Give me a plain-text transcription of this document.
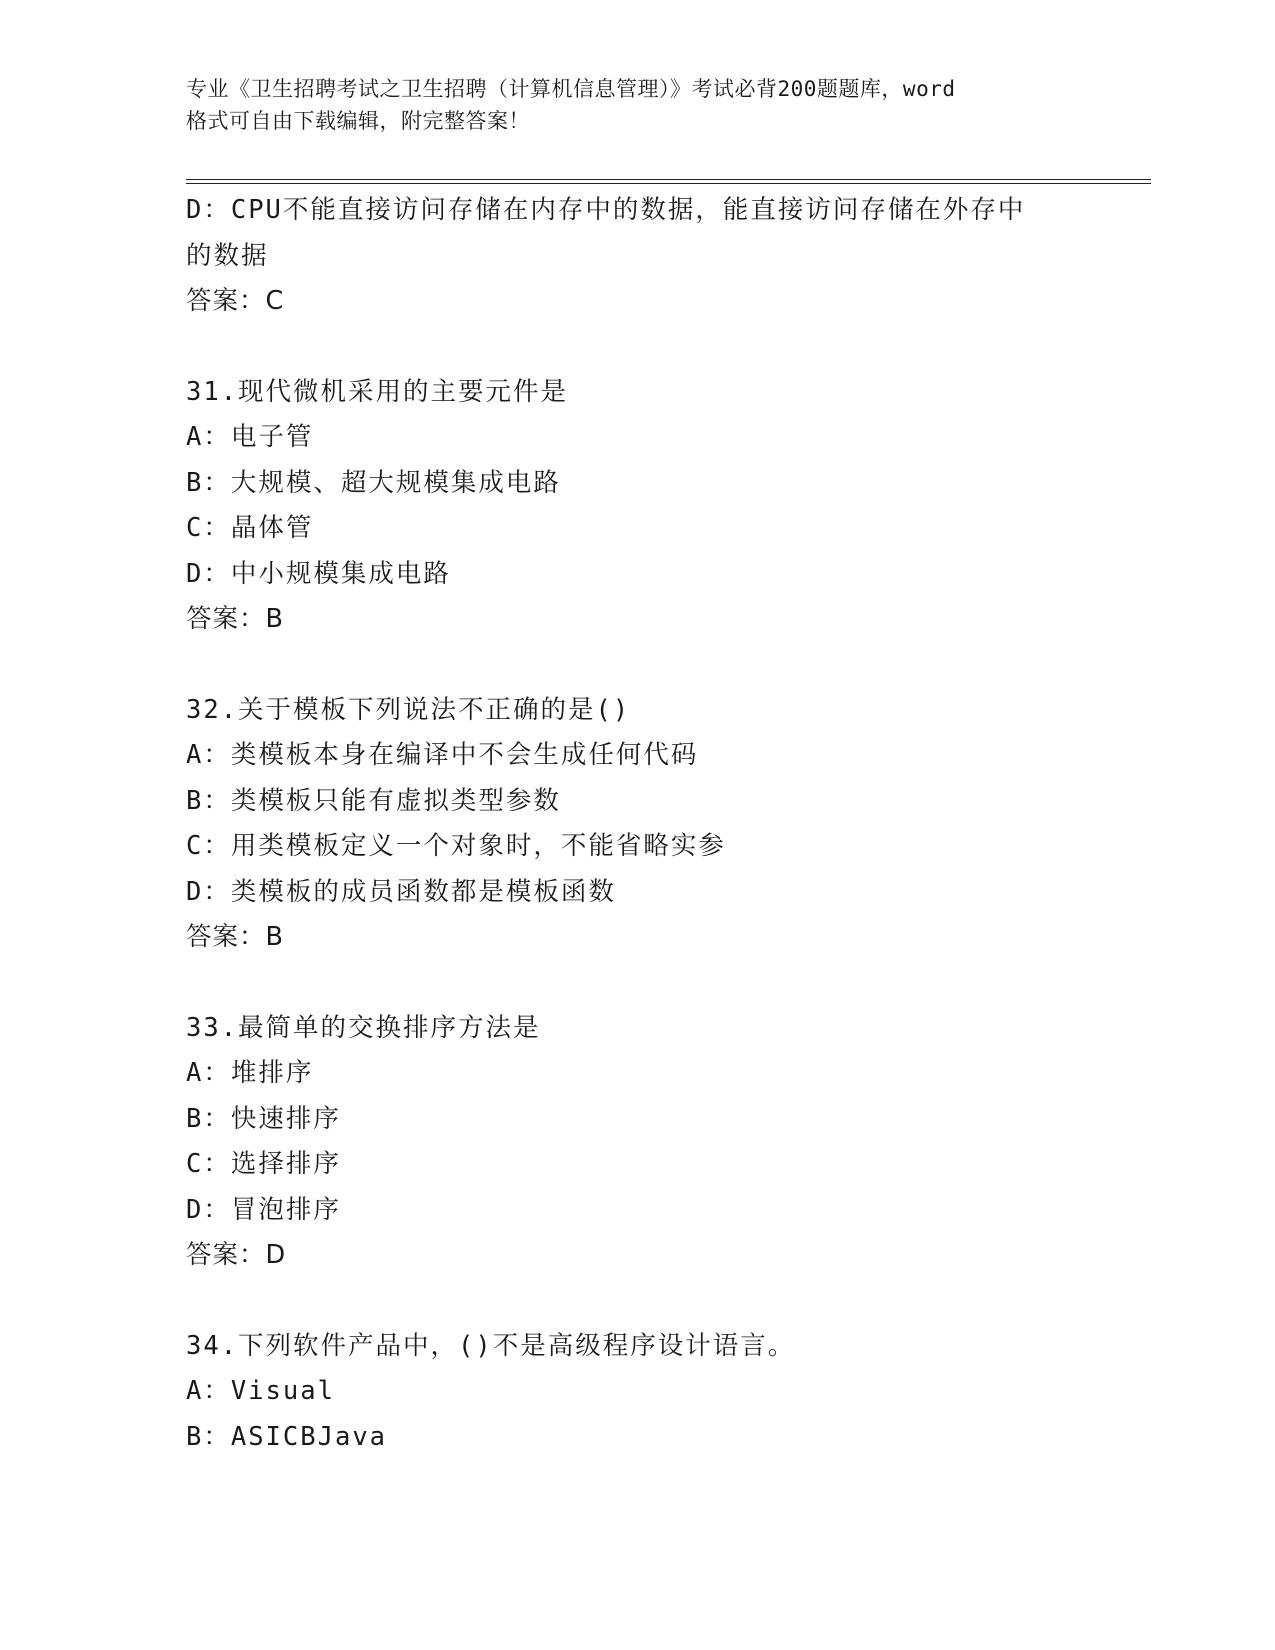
专业《卫生招聘考试之卫生招聘（计算机信息管理）》考试必背200题题库，word
格式可自由下载编辑，附完整答案！
D：CPU不能直接访问存储在内存中的数据，能直接访问存储在外存中
的数据
答案：C
31.现代微机采用的主要元件是
A：电子管
B：大规模、超大规模集成电路
C：晶体管
D：中小规模集成电路
答案：B
32.关于模板下列说法不正确的是()
A：类模板本身在编译中不会生成任何代码
B：类模板只能有虚拟类型参数
C：用类模板定义一个对象时，不能省略实参
D：类模板的成员函数都是模板函数
答案：B
33.最简单的交换排序方法是
A：堆排序
B：快速排序
C：选择排序
D：冒泡排序
答案：D
34.下列软件产品中，()不是高级程序设计语言。
A：Visual
B：ASICBJava
